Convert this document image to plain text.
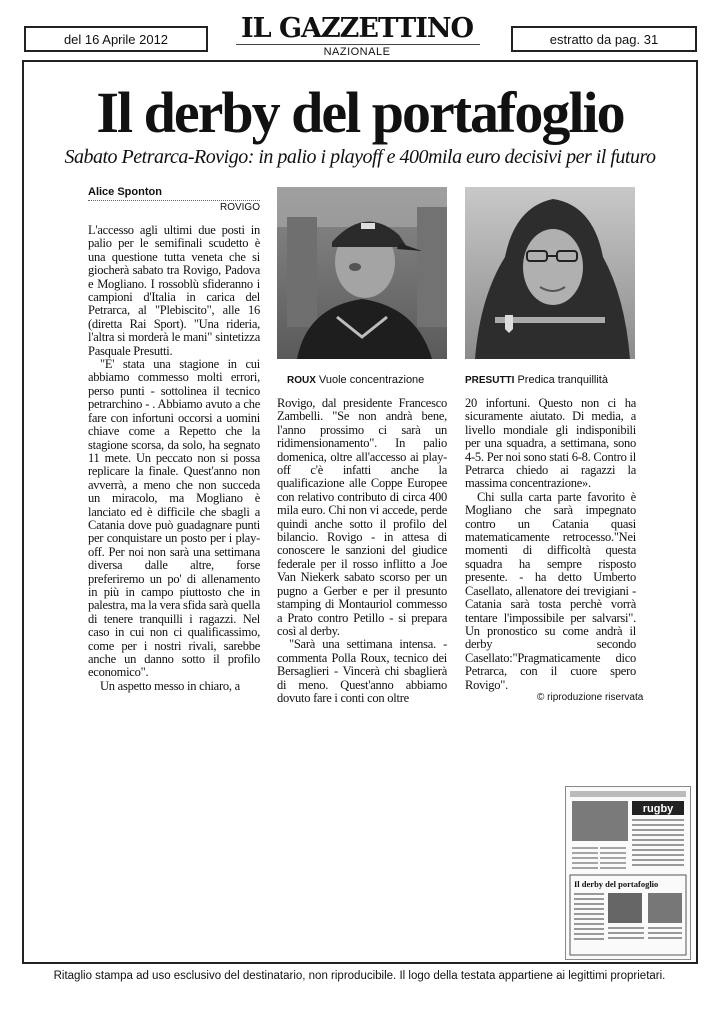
del 16 Aprile 2012	IL GAZZETTINO
NAZIONALE
estratto da pag. 31
Il derby del portafoglio
Sabato Petrarca-Rovigo: in palio i playoff e 400mila euro decisivi per il futuro
Alice Sponton
ROVIGO

L'accesso agli ultimi due posti in palio per le semifinali scudetto è una questione tutta veneta che si giocherà sabato tra Rovigo, Padova e Mogliano. I rossoblù sfideranno i campioni d'Italia in carica del Petrarca, al "Plebiscito", alle 16 (diretta Rai Sport). "Una rideria, l'altra si morderà le mani" sintetizza Pasquale Presutti.

"E' stata una stagione in cui abbiamo commesso molti errori, perso punti - sottolinea il tecnico petrarchino - . Abbiamo avuto a che fare con infortuni occorsi a uomini chiave come a Repetto che la stagione scorsa, da solo, ha segnato 11 mete. Un peccato non si possa replicare la finale. Quest'anno non avverrà, a meno che non succeda un miracolo, ma Mogliano è lanciato ed è difficile che sbagli a Catania dove può guadagnare punti per conquistare un posto per i play-off. Per noi non sarà una settimana diversa dalle altre, forse preferiremo un po' di allenamento in più in campo piuttosto che in palestra, ma la vera sfida sarà quella di tenere tranquilli i ragazzi. Nel caso in cui non ci qualificassimo, come per i nostri rivali, sarebbe anche un danno sotto il profilo economico".

Un aspetto messo in chiaro, a

ROUX Vuole concentrazione	PRESUTTI Predica tranquillità

Rovigo, dal presidente Francesco Zambelli. "Se non andrà bene, l'anno prossimo ci sarà un ridimensionamento". In palio domenica, oltre all'accesso ai play-off c'è infatti anche la qualificazione alle Coppe Europee con relativo contributo di circa 400 mila euro. Chi non vi accede, perde quindi anche sotto il profilo del bilancio. Rovigo - in attesa di conoscere le sanzioni del giudice federale per il rosso inflitto a Joe Van Niekerk sabato scorso per un pugno a Gerber e per il presunto stamping di Montauriol commesso a Prato contro Petillo - si prepara così al derby.

"Sarà una settimana intensa. - commenta Polla Roux, tecnico dei Bersaglieri - Vincerà chi sbaglierà di meno. Quest'anno abbiamo dovuto fare i conti con oltre

20 infortuni. Questo non ci ha sicuramente aiutato. Di media, a livello mondiale gli indisponibili per una squadra, a settimana, sono 4-5. Per noi sono stati 6-8. Contro il Petrarca chiedo ai ragazzi la massima concentrazione».

Chi sulla carta parte favorito è Mogliano che sarà impegnato contro un Catania quasi matematicamente retrocesso."Nei momenti di difficoltà questa squadra ha sempre risposto presente. - ha detto Umberto Casellato, allenatore dei trevigiani - Catania sarà tosta perchè vorrà tentare l'impossibile per salvarsi". Un pronostico su come andrà il derby secondo Casellato:"Pragmaticamente dico Petrarca, con il cuore spero Rovigo".

© riproduzione riservata
rugby
Il derby del portafoglio
Ritaglio stampa ad uso esclusivo del destinatario, non riproducibile. Il logo della testata appartiene ai legittimi proprietari.
